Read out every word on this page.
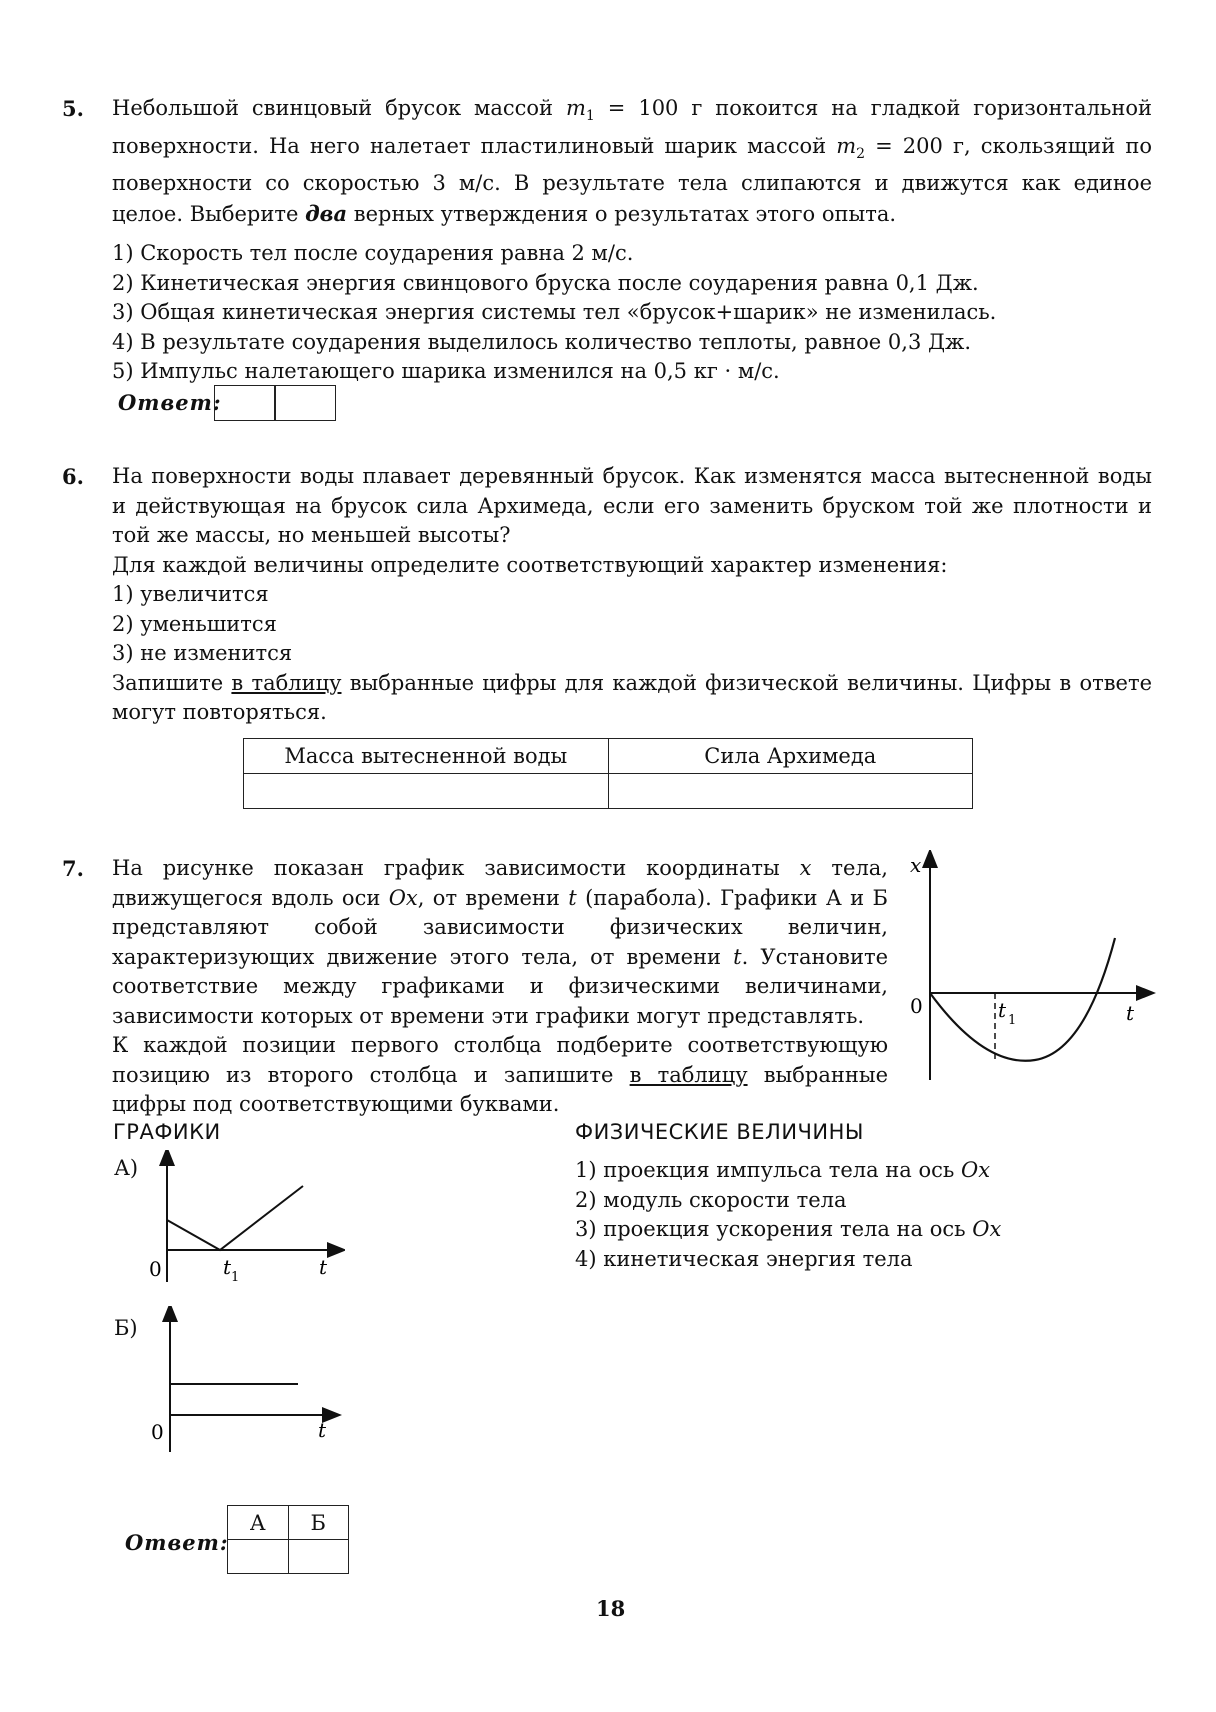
5. Небольшой свинцовый брусок массой $m_1 = 100$ г покоится на гладкой горизонтальной поверхности. На него налетает пластилиновый шарик массой $m_2 = 200$ г, скользящий по поверхности со скоростью 3 м/с. В результате тела слипаются и движутся как единое целое. Выберите два верных утверждения о результатах этого опыта.

1) Скорость тел после соударения равна 2 м/с.
2) Кинетическая энергия свинцового бруска после соударения равна 0,1 Дж.
3) Общая кинетическая энергия системы тел «брусок+шарик» не изменилась.
4) В результате соударения выделилось количество теплоты, равное 0,3 Дж.
5) Импульс налетающего шарика изменился на 0,5 кг · м/с.
Ответ:
6. На поверхности воды плавает деревянный брусок. Как изменятся масса вытесненной воды и действующая на брусок сила Архимеда, если его заменить бруском той же плотности и той же массы, но меньшей высоты?

Для каждой величины определите соответствующий характер изменения:

1) увеличится
2) уменьшится
3) не изменится

Запишите в таблицу выбранные цифры для каждой физической величины. Цифры в ответе могут повторяться.

Масса вытесненной воды	Сила Архимеда

7. На рисунке показан график зависимости координаты x тела, движущегося вдоль оси Ox, от времени t (парабола). Графики А и Б представляют собой зависимости физических величин, характеризующих движение этого тела, от времени t. Установите соответствие между графиками и физическими величинами, зависимости которых от времени эти графики могут представлять.

К каждой позиции первого столбца подберите соответствующую позицию из второго столбца и запишите в таблицу выбранные цифры под соответствующими буквами.

x
0	t 1	t
ГРАФИКИ	ФИЗИЧЕСКИЕ ВЕЛИЧИНЫ
А)
0	t 1	t
Б)
0	t
1) проекция импульса тела на ось Ox
2) модуль скорости тела
3) проекция ускорения тела на ось Ox
4) кинетическая энергия тела
Ответ:
А	Б

18
